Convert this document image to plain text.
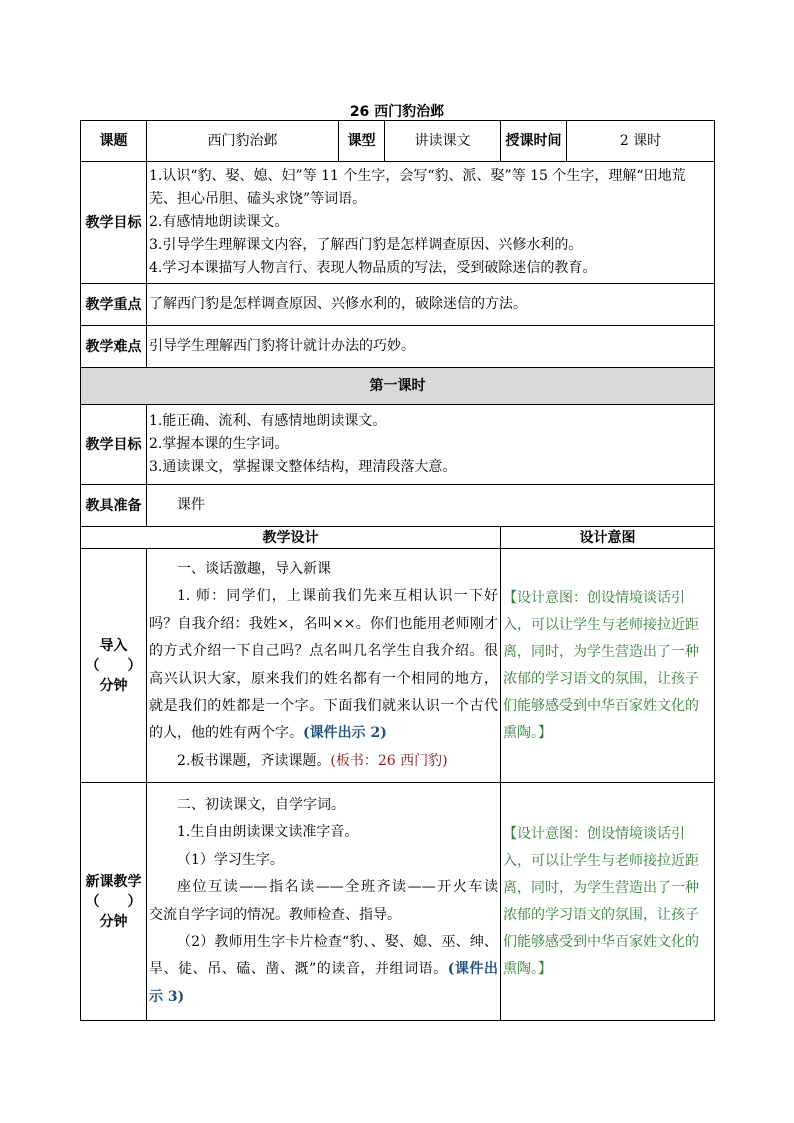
26 西门豹治邺
课题	西门豹治邺	课型	讲读课文	授课时间	2 课时
教学目标	1.认识“豹、娶、媳、妇”等 11 个生字，会写“豹、派、娶”等 15 个生字，理解“田地荒芜、担心吊胆、磕头求饶”等词语。

2.有感情地朗读课文。

3.引导学生理解课文内容，了解西门豹是怎样调查原因、兴修水利的。

4.学习本课描写人物言行、表现人物品质的写法，受到破除迷信的教育。				

教学重点	了解西门豹是怎样调查原因、兴修水利的，破除迷信的方法。				
教学难点	引导学生理解西门豹将计就计办法的巧妙。				
第一课时					
教学目标	1.能正确、流利、有感情地朗读课文。

2.掌握本课的生字词。

3.通读课文，掌握课文整体结构，理清段落大意。				

教具准备	课件				
教学设计				设计意图	
导入（　　）分钟	一、谈话激趣，导入新课

1. 师：同学们，上课前我们先来互相认识一下好吗？自我介绍：我姓×，名叫××。你们也能用老师刚才的方式介绍一下自己吗？点名叫几名学生自我介绍。很高兴认识大家，原来我们的姓名都有一个相同的地方，就是我们的姓都是一个字。下面我们就来认识一个古代的人，他的姓有两个字。(课件出示 2)

2.板书课题，齐读课题。(板书：26 西门豹)			【设计意图：创设情境谈话引入，可以让学生与老师接拉近距离，同时，为学生营造出了一种浓郁的学习语文的氛围，让孩子们能够感受到中华百家姓文化的熏陶。】	

新课教学（　　）分钟	二、初读课文，自学字词。

1.生自由朗读课文读准字音。

（1）学习生字。

座位互读——指名读——全班齐读——开火车读　交流自学字词的情况。教师检查、指导。

（2）教师用生字卡片检查“豹、、娶、媳、巫、绅、旱、徒、吊、磕、凿、溉”的读音，并组词语。(课件出示 3)			【设计意图：创设情境谈话引入，可以让学生与老师接拉近距离，同时，为学生营造出了一种浓郁的学习语文的氛围，让孩子们能够感受到中华百家姓文化的熏陶。】	
